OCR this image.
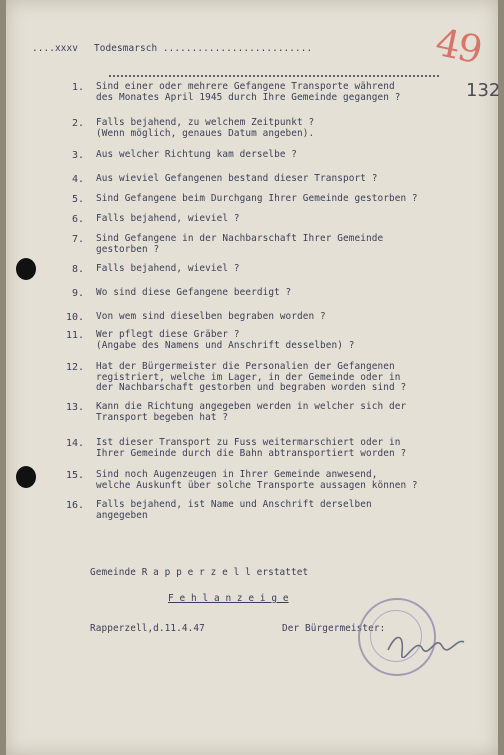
....xxxv Todesmarsch ..........................	49
132
1. Sind einer oder mehrere Gefangene Transporte während
des Monates April 1945 durch Ihre Gemeinde gegangen ?
2. Falls bejahend, zu welchem Zeitpunkt ?
(Wenn möglich, genaues Datum angeben).
3. Aus welcher Richtung kam derselbe ?
4. Aus wieviel Gefangenen bestand dieser Transport ?
5. Sind Gefangene beim Durchgang Ihrer Gemeinde gestorben ?
6. Falls bejahend, wieviel ?
7. Sind Gefangene in der Nachbarschaft Ihrer Gemeinde
gestorben ?
8. Falls bejahend, wieviel ?
9. Wo sind diese Gefangene beerdigt ?
10. Von wem sind dieselben begraben worden ?
11. Wer pflegt diese Gräber ?
(Angabe des Namens und Anschrift desselben) ?
12. Hat der Bürgermeister die Personalien der Gefangenen
registriert, welche im Lager, in der Gemeinde oder in
der Nachbarschaft gestorben und begraben worden sind ?
13. Kann die Richtung angegeben werden in welcher sich der
Transport begeben hat ?
14. Ist dieser Transport zu Fuss weitermarschiert oder in
Ihrer Gemeinde durch die Bahn abtransportiert worden ?
15. Sind noch Augenzeugen in Ihrer Gemeinde anwesend,
welche Auskunft über solche Transporte aussagen können ?
16. Falls bejahend, ist Name und Anschrift derselben
angegeben
Gemeinde R a p p e r z e l l erstattet
F e h l a n z e i g e
Rapperzell,d.11.4.47	Der Bürgermeister:
